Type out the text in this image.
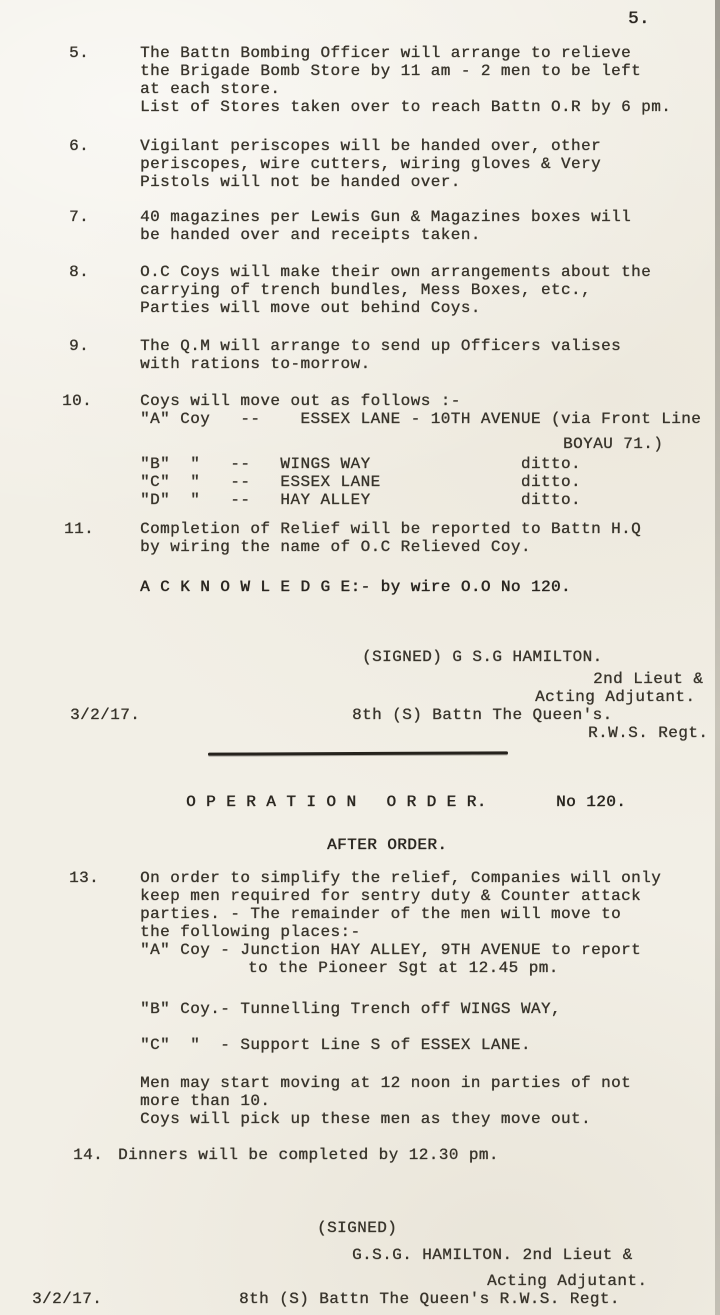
5.
5.	The Battn Bombing Officer will arrange to relieve
the Brigade Bomb Store by 11 am - 2 men to be left
at each store.
List of Stores taken over to reach Battn O.R by 6 pm.
6.	Vigilant periscopes will be handed over, other
periscopes, wire cutters, wiring gloves & Very
Pistols will not be handed over.
7.	40 magazines per Lewis Gun & Magazines boxes will
be handed over and receipts taken.
8.	O.C Coys will make their own arrangements about the
carrying of trench bundles, Mess Boxes, etc.,
Parties will move out behind Coys.
9.	The Q.M will arrange to send up Officers valises
with rations to-morrow.
10.	Coys will move out as follows :-
"A" Coy   --    ESSEX LANE - 10TH AVENUE (via Front Line
BOYAU 71.)
"B"  "   --   WINGS WAY               ditto.
"C"  "   --   ESSEX LANE              ditto.
"D"  "   --   HAY ALLEY               ditto.
11.	Completion of Relief will be reported to Battn H.Q
by wiring the name of O.C Relieved Coy.
A C K N O W L E D G E:- by wire O.O No 120.
(SIGNED) G S.G HAMILTON.
2nd Lieut &
Acting Adjutant.
3/2/17.	8th (S) Battn The Queen's.
R.W.S. Regt.
O P E R A T I O N   O R D E R.	No 120.
AFTER ORDER.
13.	On order to simplify the relief, Companies will only
keep men required for sentry duty & Counter attack
parties. - The remainder of the men will move to
the following places:-
"A" Coy - Junction HAY ALLEY, 9TH AVENUE to report
to the Pioneer Sgt at 12.45 pm.
"B" Coy.- Tunnelling Trench off WINGS WAY,
"C"  "  - Support Line S of ESSEX LANE.
Men may start moving at 12 noon in parties of not
more than 10.
Coys will pick up these men as they move out.
14. Dinners will be completed by 12.30 pm.
(SIGNED)
G.S.G. HAMILTON. 2nd Lieut &
Acting Adjutant.
3/2/17.	8th (S) Battn The Queen's R.W.S. Regt.
